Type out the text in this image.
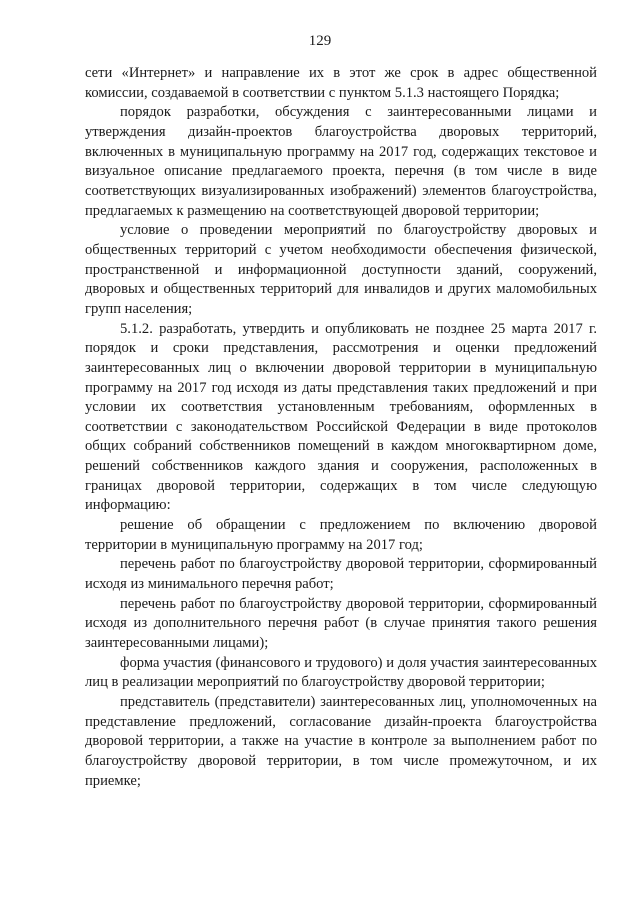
129

сети «Интернет» и направление их в этот же срок в адрес общественной комиссии, создаваемой в соответствии с пунктом 5.1.3 настоящего Порядка;

порядок разработки, обсуждения с заинтересованными лицами и утверждения дизайн-проектов благоустройства дворовых территорий, включенных в муниципальную программу на 2017 год, содержащих текстовое и визуальное описание предлагаемого проекта, перечня (в том числе в виде соответствующих визуализированных изображений) элементов благоустройства, предлагаемых к размещению на соответствующей дворовой территории;

условие о проведении мероприятий по благоустройству дворовых и общественных территорий с учетом необходимости обеспечения физической, пространственной и информационной доступности зданий, сооружений, дворовых и общественных территорий для инвалидов и других маломобильных групп населения;

5.1.2. разработать, утвердить и опубликовать не позднее 25 марта 2017 г. порядок и сроки представления, рассмотрения и оценки предложений заинтересованных лиц о включении дворовой территории в муниципальную программу на 2017 год исходя из даты представления таких предложений и при условии их соответствия установленным требованиям, оформленных в соответствии с законодательством Российской Федерации в виде протоколов общих собраний собственников помещений в каждом многоквартирном доме, решений собственников каждого здания и сооружения, расположенных в границах дворовой территории, содержащих в том числе следующую информацию:

решение об обращении с предложением по включению дворовой территории в муниципальную программу на 2017 год;

перечень работ по благоустройству дворовой территории, сформированный исходя из минимального перечня работ;

перечень работ по благоустройству дворовой территории, сформированный исходя из дополнительного перечня работ (в случае принятия такого решения заинтересованными лицами);

форма участия (финансового и трудового) и доля участия заинтересованных лиц в реализации мероприятий по благоустройству дворовой территории;

представитель (представители) заинтересованных лиц, уполномоченных на представление предложений, согласование дизайн-проекта благоустройства дворовой территории, а также на участие в контроле за выполнением работ по благоустройству дворовой территории, в том числе промежуточном, и их приемке;
